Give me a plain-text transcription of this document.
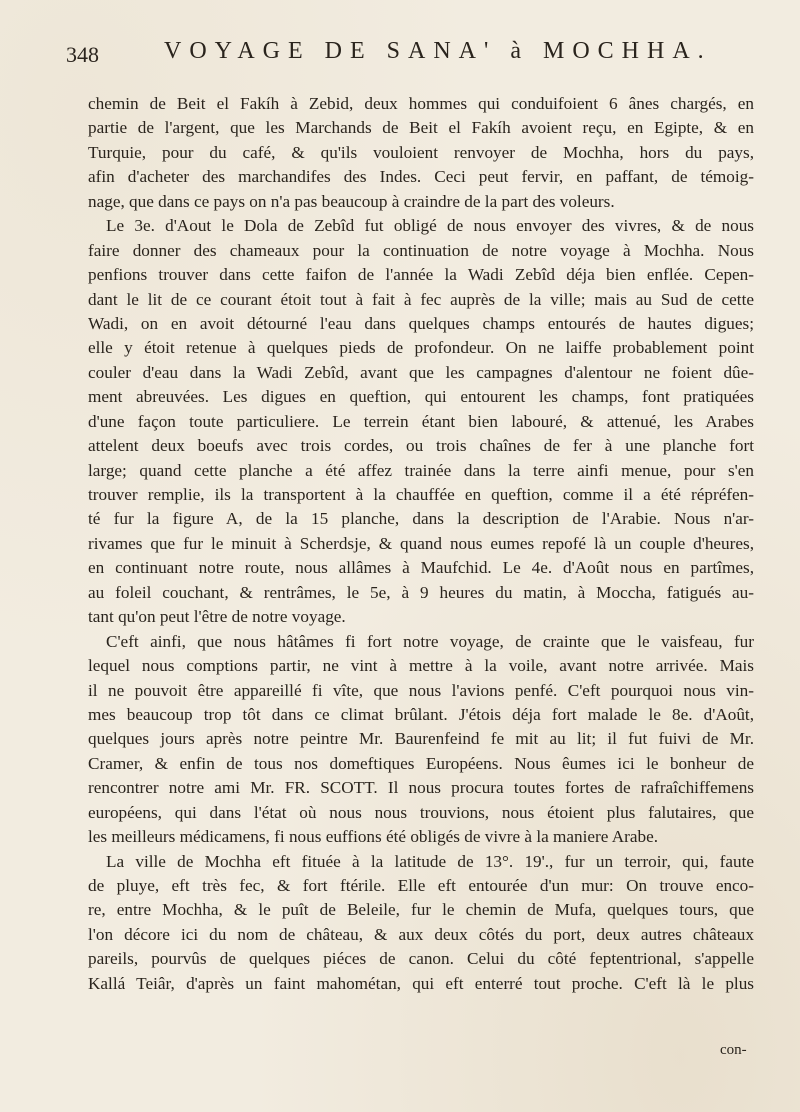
348	VOYAGE DE SANA' à MOCHHA.
chemin de Beit el Fakíh à Zebid, deux hommes qui conduifoient 6 ânes chargés, en
partie de l'argent, que les Marchands de Beit el Fakíh avoient reçu, en Egipte, & en
Turquie, pour du café, & qu'ils vouloient renvoyer de Mochha, hors du pays,
afin d'acheter des marchandifes des Indes. Ceci peut fervir, en paffant, de témoig-
nage, que dans ce pays on n'a pas beaucoup à craindre de la part des voleurs.
Le 3e. d'Aout le Dola de Zebîd fut obligé de nous envoyer des vivres, & de nous
faire donner des chameaux pour la continuation de notre voyage à Mochha. Nous
penfions trouver dans cette faifon de l'année la Wadi Zebîd déja bien enflée. Cepen-
dant le lit de ce courant étoit tout à fait à fec auprès de la ville; mais au Sud de cette
Wadi, on en avoit détourné l'eau dans quelques champs entourés de hautes digues;
elle y étoit retenue à quelques pieds de profondeur. On ne laiffe probablement point
couler d'eau dans la Wadi Zebîd, avant que les campagnes d'alentour ne foient dûe-
ment abreuvées. Les digues en queftion, qui entourent les champs, font pratiquées
d'une façon toute particuliere. Le terrein étant bien labouré, & attenué, les Arabes
attelent deux boeufs avec trois cordes, ou trois chaînes de fer à une planche fort
large; quand cette planche a été affez trainée dans la terre ainfi menue, pour s'en
trouver remplie, ils la transportent à la chauffée en queftion, comme il a été répréfen-
té fur la figure A, de la 15 planche, dans la description de l'Arabie. Nous n'ar-
rivames que fur le minuit à Scherdsje, & quand nous eumes repofé là un couple d'heures,
en continuant notre route, nous allâmes à Maufchid. Le 4e. d'Août nous en partîmes,
au foleil couchant, & rentrâmes, le 5e, à 9 heures du matin, à Moccha, fatigués au-
tant qu'on peut l'être de notre voyage.
C'eft ainfi, que nous hâtâmes fi fort notre voyage, de crainte que le vaisfeau, fur
lequel nous comptions partir, ne vint à mettre à la voile, avant notre arrivée. Mais
il ne pouvoit être appareillé fi vîte, que nous l'avions penfé. C'eft pourquoi nous vin-
mes beaucoup trop tôt dans ce climat brûlant. J'étois déja fort malade le 8e. d'Août,
quelques jours après notre peintre Mr. Baurenfeind fe mit au lit; il fut fuivi de Mr.
Cramer, & enfin de tous nos domeftiques Européens. Nous êumes ici le bonheur de
rencontrer notre ami Mr. FR. SCOTT. Il nous procura toutes fortes de rafraîchiffemens
européens, qui dans l'état où nous nous trouvions, nous étoient plus falutaires, que
les meilleurs médicamens, fi nous euffions été obligés de vivre à la maniere Arabe.
La ville de Mochha eft fituée à la latitude de 13°. 19'., fur un terroir, qui, faute
de pluye, eft très fec, & fort ftérile. Elle eft entourée d'un mur: On trouve enco-
re, entre Mochha, & le puît de Beleile, fur le chemin de Mufa, quelques tours, que
l'on décore ici du nom de château, & aux deux côtés du port, deux autres châteaux
pareils, pourvûs de quelques piéces de canon. Celui du côté feptentrional, s'appelle
Kallá Teiâr, d'après un faint mahométan, qui eft enterré tout proche. C'eft là le plus
con-
